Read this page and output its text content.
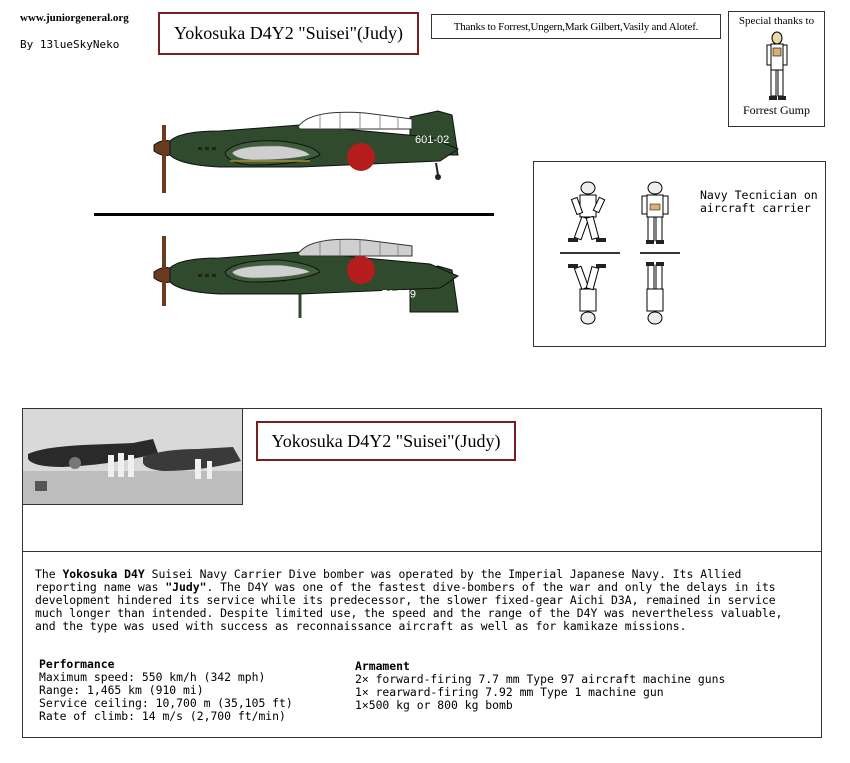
www.juniorgeneral.org
By 13lueSkyNeko
Yokosuka D4Y2 "Suisei"(Judy)	Thanks to Forrest,Ungern,Mark Gilbert,Vasily and Alotef.	Special thanks to
Forrest Gump
601-02
601-02
Navy Tecnician on aircraft carrier
Yokosuka D4Y2 "Suisei"(Judy)
The Yokosuka D4Y Suisei Navy Carrier Dive bomber was operated by the Imperial Japanese Navy. Its Allied reporting name was "Judy". The D4Y was one of the fastest dive-bombers of the war and only the delays in its development hindered its service while its predecessor, the slower fixed-gear Aichi D3A, remained in service much longer than intended. Despite limited use, the speed and the range of the D4Y was nevertheless valuable, and the type was used with success as reconnaissance aircraft as well as for kamikaze missions.
Performance
Maximum speed: 550 km/h (342 mph)
Range: 1,465 km (910 mi)
Service ceiling: 10,700 m (35,105 ft)
Rate of climb: 14 m/s (2,700 ft/min)
Armament
2× forward-firing 7.7 mm Type 97 aircraft machine guns
1× rearward-firing 7.92 mm Type 1 machine gun
1×500 kg or 800 kg bomb
